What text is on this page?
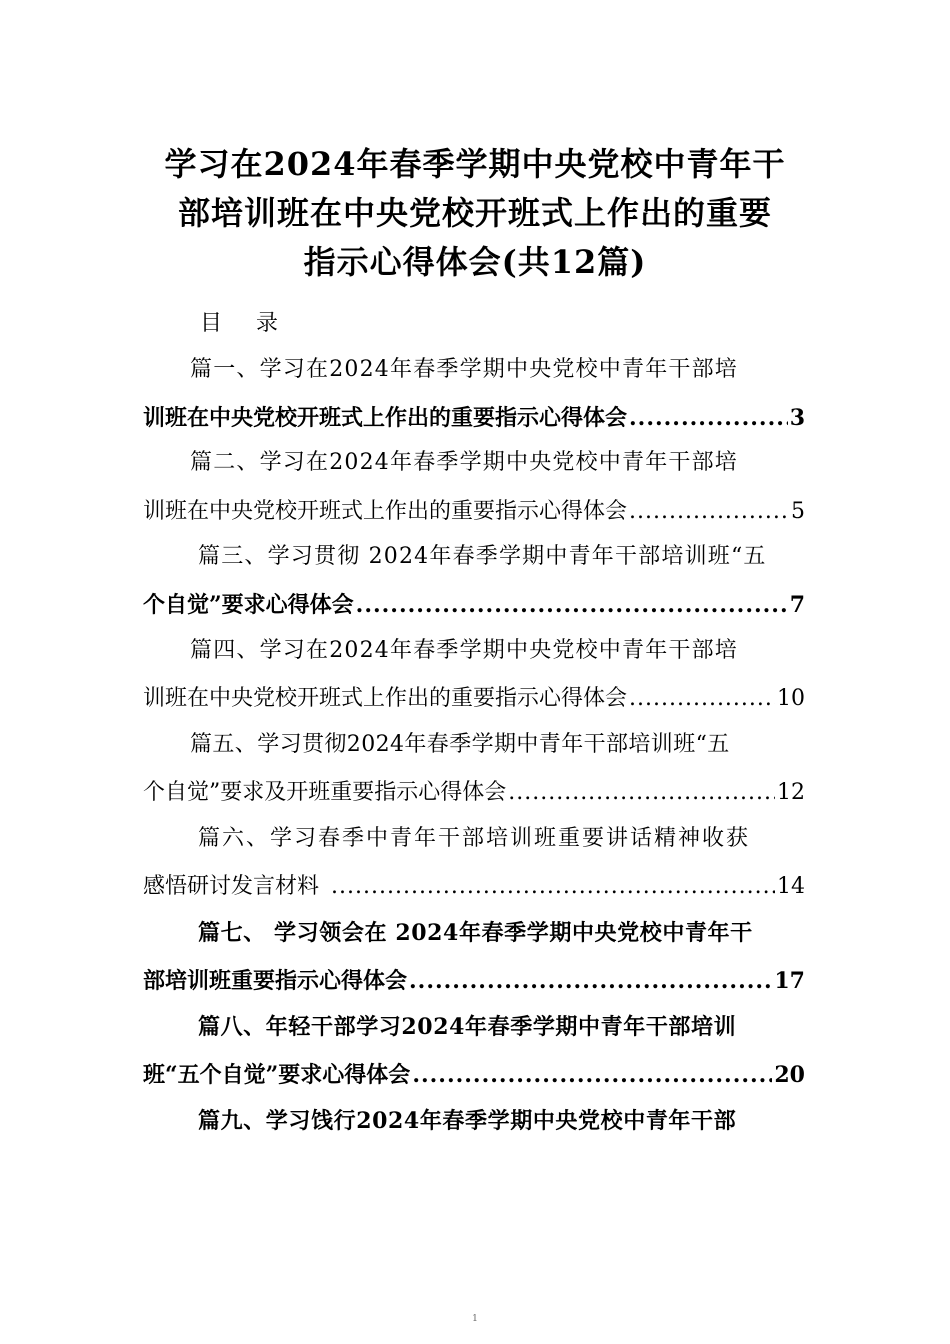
学习在2024年春季学期中央党校中青年干
部培训班在中央党校开班式上作出的重要
指示心得体会(共12篇)
目 录
篇一、学习在2024年春季学期中央党校中青年干部培
训班在中央党校开班式上作出的重要指示心得体会 .....	3
篇二、学习在2024年春季学期中央党校中青年干部培
训班在中央党校开班式上作出的重要指示心得体会 .....	5
篇三、学习贯彻 2024年春季学期中青年干部培训班“五
个自觉”要求心得体会 .....	7
篇四、学习在2024年春季学期中央党校中青年干部培
训班在中央党校开班式上作出的重要指示心得体会 .....	10
篇五、学习贯彻2024年春季学期中青年干部培训班“五
个自觉”要求及开班重要指示心得体会 .....	12
篇六、学习春季中青年干部培训班重要讲话精神收获
感悟研讨发言材料 .....	14
篇七、 学习领会在 2024年春季学期中央党校中青年干
部培训班重要指示心得体会 .....	17
篇八、年轻干部学习2024年春季学期中青年干部培训
班“五个自觉”要求心得体会 .....	20
篇九、学习饯行2024年春季学期中央党校中青年干部
1
